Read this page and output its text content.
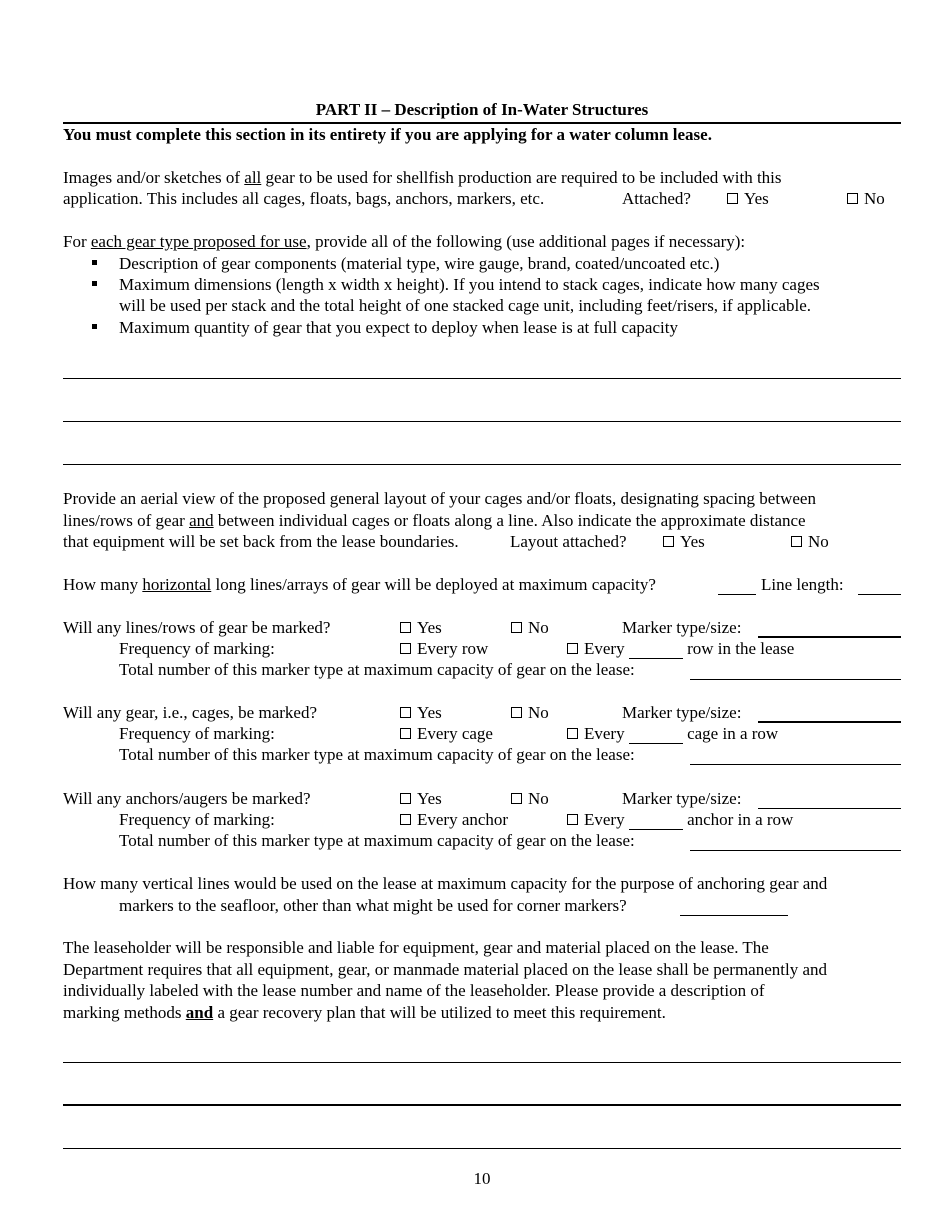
PART II – Description of In-Water Structures
You must complete this section in its entirety if you are applying for a water column lease.
Images and/or sketches of all gear to be used for shellfish production are required to be included with this
application. This includes all cages, floats, bags, anchors, markers, etc.	Attached?	Yes	No
For each gear type proposed for use, provide all of the following (use additional pages if necessary):
Description of gear components (material type, wire gauge, brand, coated/uncoated etc.)
Maximum dimensions (length x width x height). If you intend to stack cages, indicate how many cages
will be used per stack and the total height of one stacked cage unit, including feet/risers, if applicable.
Maximum quantity of gear that you expect to deploy when lease is at full capacity
Provide an aerial view of the proposed general layout of your cages and/or floats, designating spacing between
lines/rows of gear and between individual cages or floats along a line. Also indicate the approximate distance
that equipment will be set back from the lease boundaries.	Layout attached?	Yes	No
How many horizontal long lines/arrays of gear will be deployed at maximum capacity?	Line length:
Will any lines/rows of gear be marked?	Yes	No	Marker type/size:
Frequency of marking:	Every row	Every	row in the lease
Total number of this marker type at maximum capacity of gear on the lease:
Will any gear, i.e., cages, be marked?	Yes	No	Marker type/size:
Frequency of marking:	Every cage	Every	cage in a row
Total number of this marker type at maximum capacity of gear on the lease:
Will any anchors/augers be marked?	Yes	No	Marker type/size:
Frequency of marking:	Every anchor	Every	anchor in a row
Total number of this marker type at maximum capacity of gear on the lease:
How many vertical lines would be used on the lease at maximum capacity for the purpose of anchoring gear and
markers to the seafloor, other than what might be used for corner markers?
The leaseholder will be responsible and liable for equipment, gear and material placed on the lease. The
Department requires that all equipment, gear, or manmade material placed on the lease shall be permanently and
individually labeled with the lease number and name of the leaseholder. Please provide a description of
marking methods and a gear recovery plan that will be utilized to meet this requirement.
10
